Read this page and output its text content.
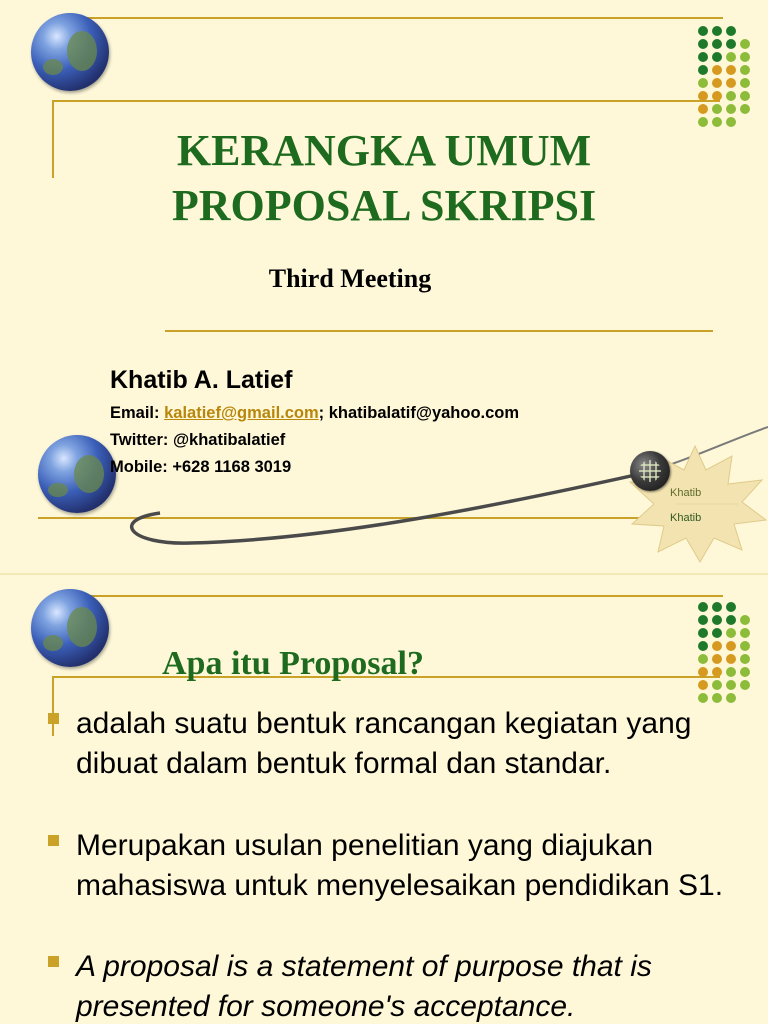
KERANGKA UMUM
PROPOSAL SKRIPSI
Third Meeting
Khatib A. Latief
Email: kalatief@gmail.com; khatibalatif@yahoo.com
Twitter: @khatibalatief
Mobile: +628 1168 3019
Khatib
Khatib
Apa itu Proposal?
adalah suatu bentuk rancangan kegiatan yang dibuat dalam bentuk formal dan standar.
Merupakan usulan penelitian yang diajukan mahasiswa untuk menyelesaikan pendidikan S1.
A proposal is a statement of purpose that is presented for someone's acceptance.
